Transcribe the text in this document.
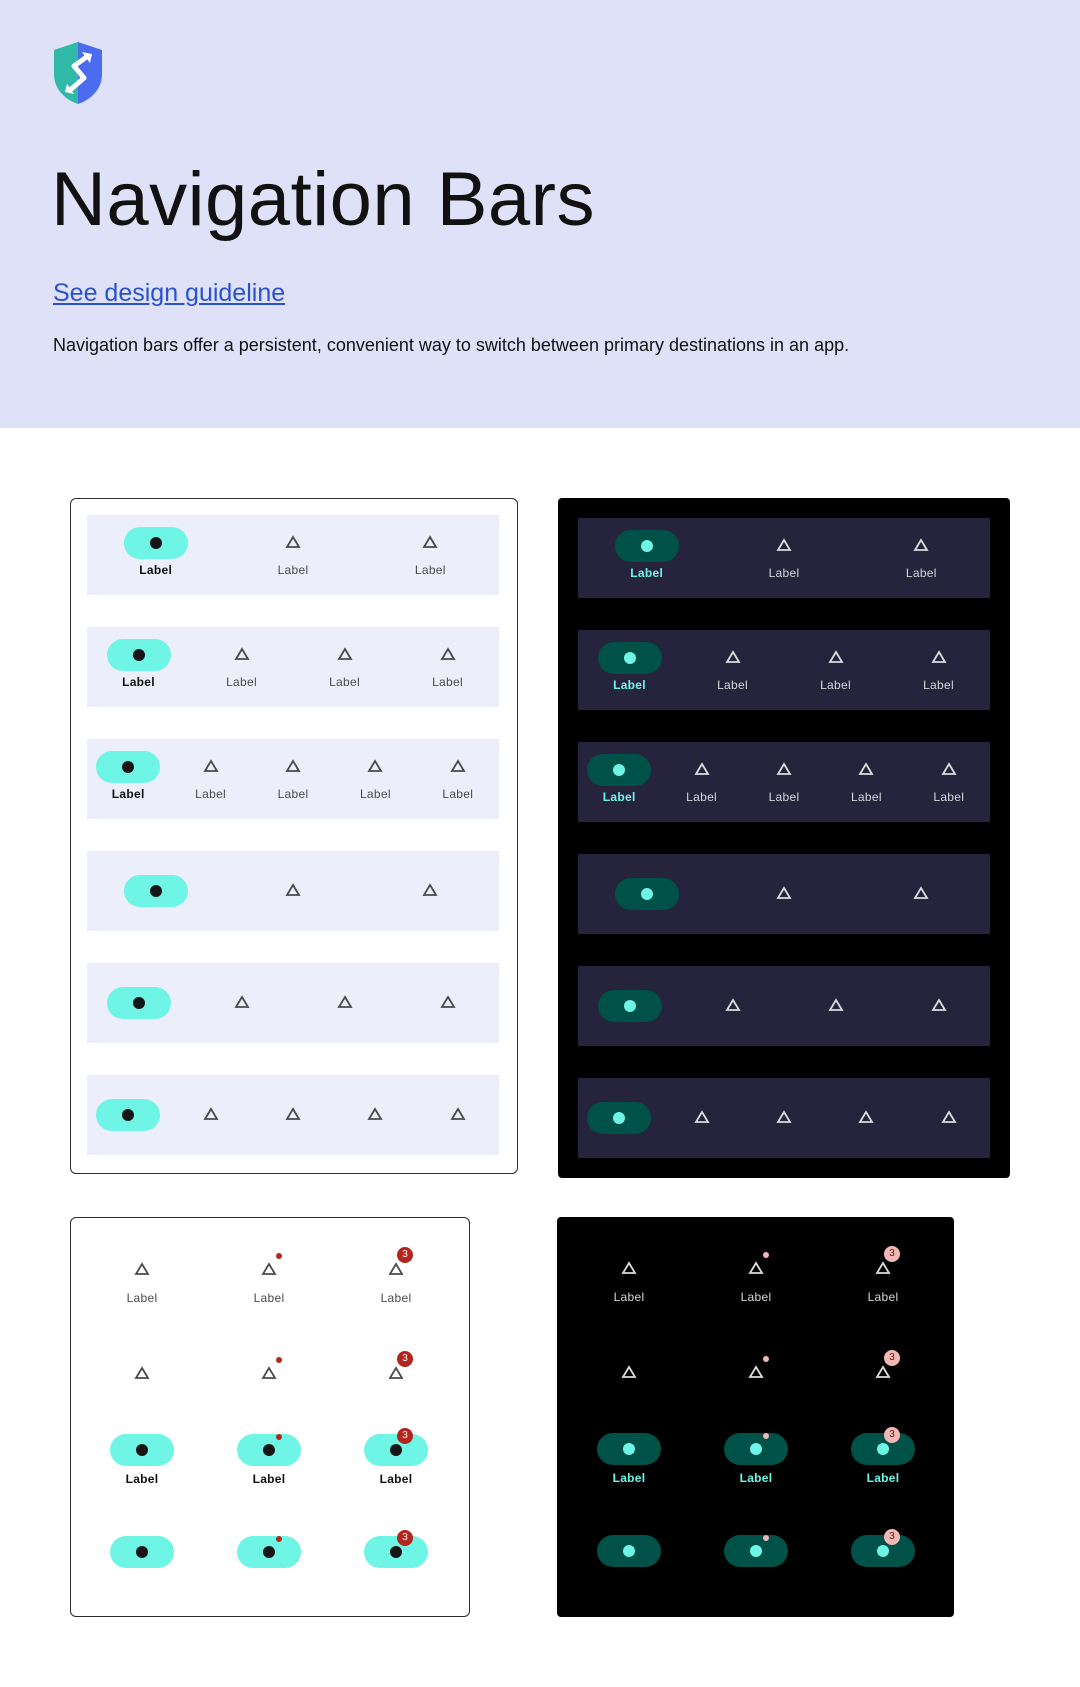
Navigation Bars
See design guideline
Navigation bars offer a persistent, convenient way to switch between primary destinations in an app.
Label	Label	Label
Label	Label	Label	Label
Label	Label	Label	Label	Label
Label	Label	Label
Label	Label	Label	Label
Label	Label	Label	Label	Label
Label	Label
3
Label
3
Label	Label
3
Label
3
Label	Label
3
Label
3
Label	Label
3
Label
3
